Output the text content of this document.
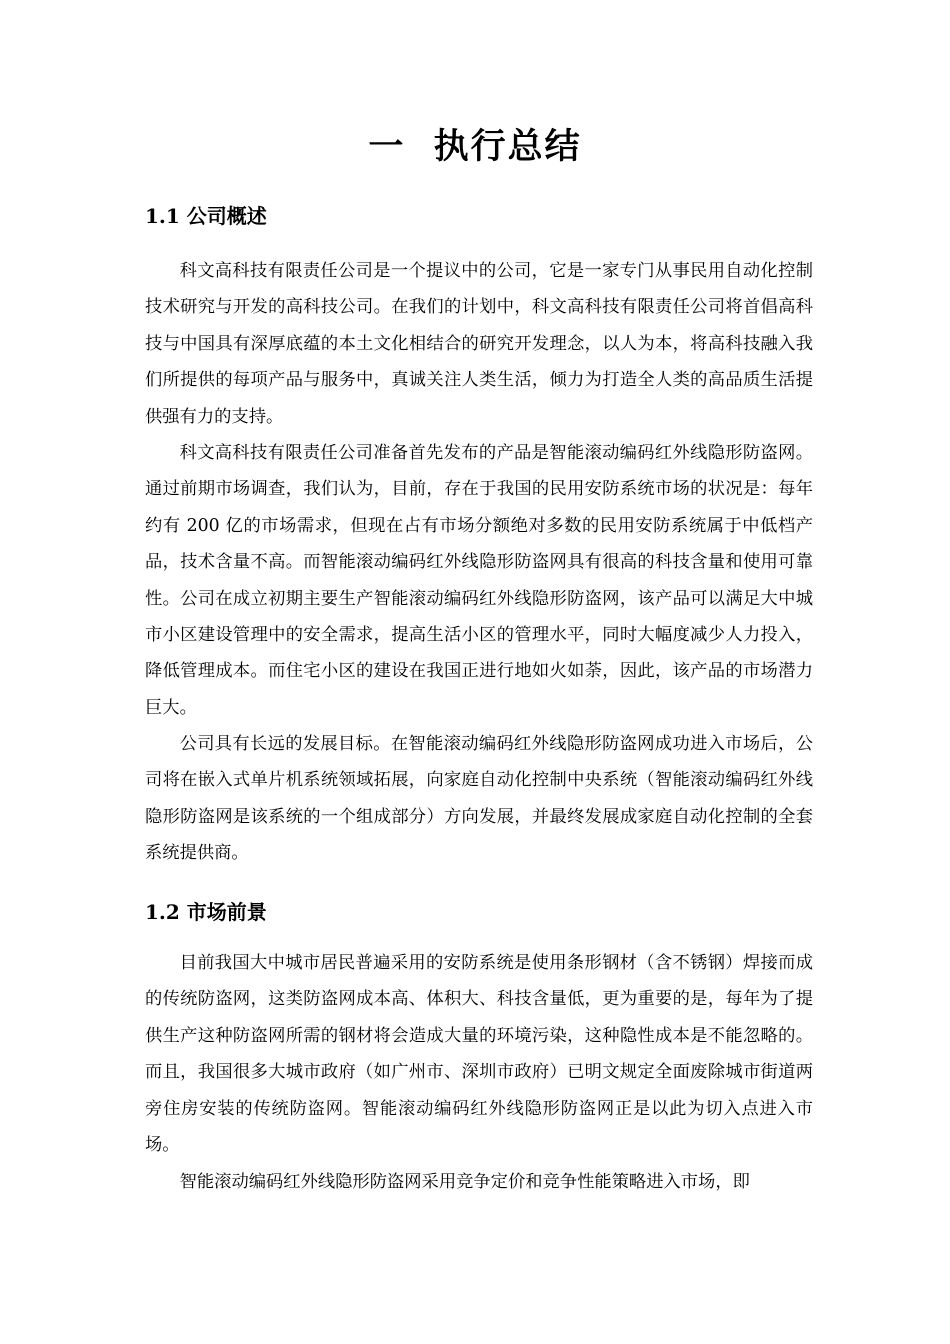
一  执行总结
1.1 公司概述

科文高科技有限责任公司是一个提议中的公司，它是一家专门从事民用自动化控制技术研究与开发的高科技公司。在我们的计划中，科文高科技有限责任公司将首倡高科技与中国具有深厚底蕴的本土文化相结合的研究开发理念，以人为本，将高科技融入我们所提供的每项产品与服务中，真诚关注人类生活，倾力为打造全人类的高品质生活提供强有力的支持。

科文高科技有限责任公司准备首先发布的产品是智能滚动编码红外线隐形防盗网。通过前期市场调查，我们认为，目前，存在于我国的民用安防系统市场的状况是：每年约有 200 亿的市场需求，但现在占有市场分额绝对多数的民用安防系统属于中低档产品，技术含量不高。而智能滚动编码红外线隐形防盗网具有很高的科技含量和使用可靠性。公司在成立初期主要生产智能滚动编码红外线隐形防盗网，该产品可以满足大中城市小区建设管理中的安全需求，提高生活小区的管理水平，同时大幅度减少人力投入，降低管理成本。而住宅小区的建设在我国正进行地如火如荼，因此，该产品的市场潜力巨大。

公司具有长远的发展目标。在智能滚动编码红外线隐形防盗网成功进入市场后，公司将在嵌入式单片机系统领域拓展，向家庭自动化控制中央系统（智能滚动编码红外线隐形防盗网是该系统的一个组成部分）方向发展，并最终发展成家庭自动化控制的全套系统提供商。

1.2 市场前景

目前我国大中城市居民普遍采用的安防系统是使用条形钢材（含不锈钢）焊接而成的传统防盗网，这类防盗网成本高、体积大、科技含量低，更为重要的是，每年为了提供生产这种防盗网所需的钢材将会造成大量的环境污染，这种隐性成本是不能忽略的。而且，我国很多大城市政府（如广州市、深圳市政府）已明文规定全面废除城市街道两旁住房安装的传统防盗网。智能滚动编码红外线隐形防盗网正是以此为切入点进入市场。

智能滚动编码红外线隐形防盗网采用竞争定价和竞争性能策略进入市场，即
